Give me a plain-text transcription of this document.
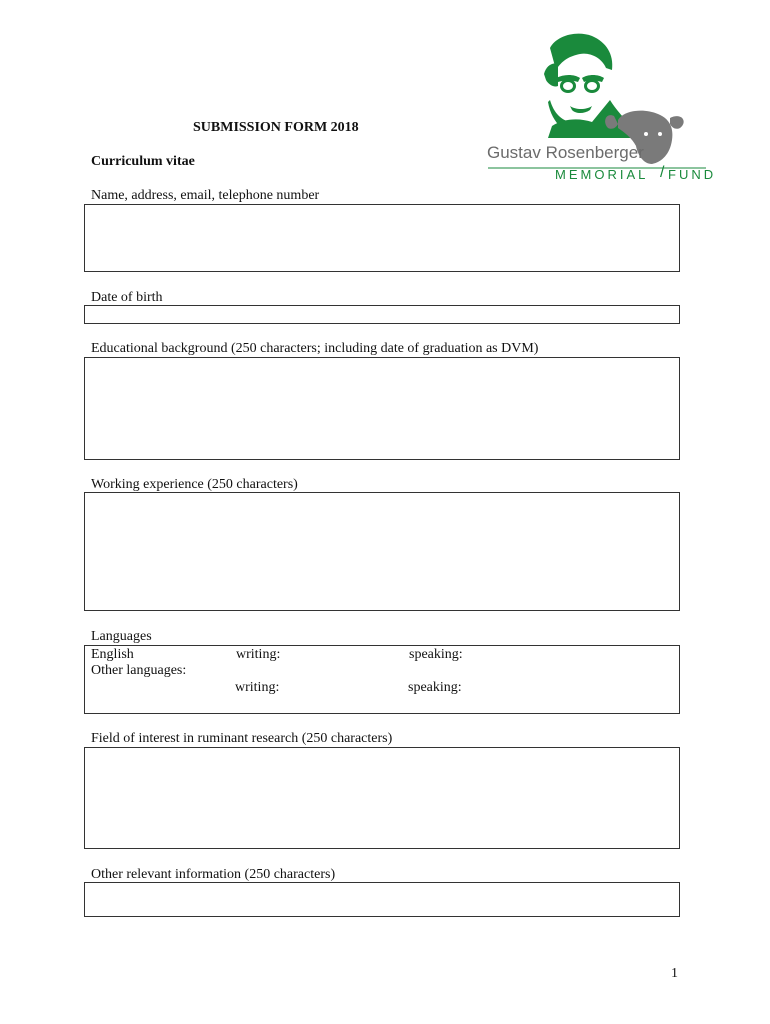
Gustav Rosenberger
MEMORIAL / FUND
SUBMISSION FORM 2018
Curriculum vitae
Name, address, email, telephone number
Date of birth
Educational background (250 characters; including date of graduation as DVM)
Working experience (250 characters)
Languages
English	writing:	speaking:
Other languages:
writing:	speaking:
Field of interest in ruminant research (250 characters)
Other relevant information (250 characters)
1
